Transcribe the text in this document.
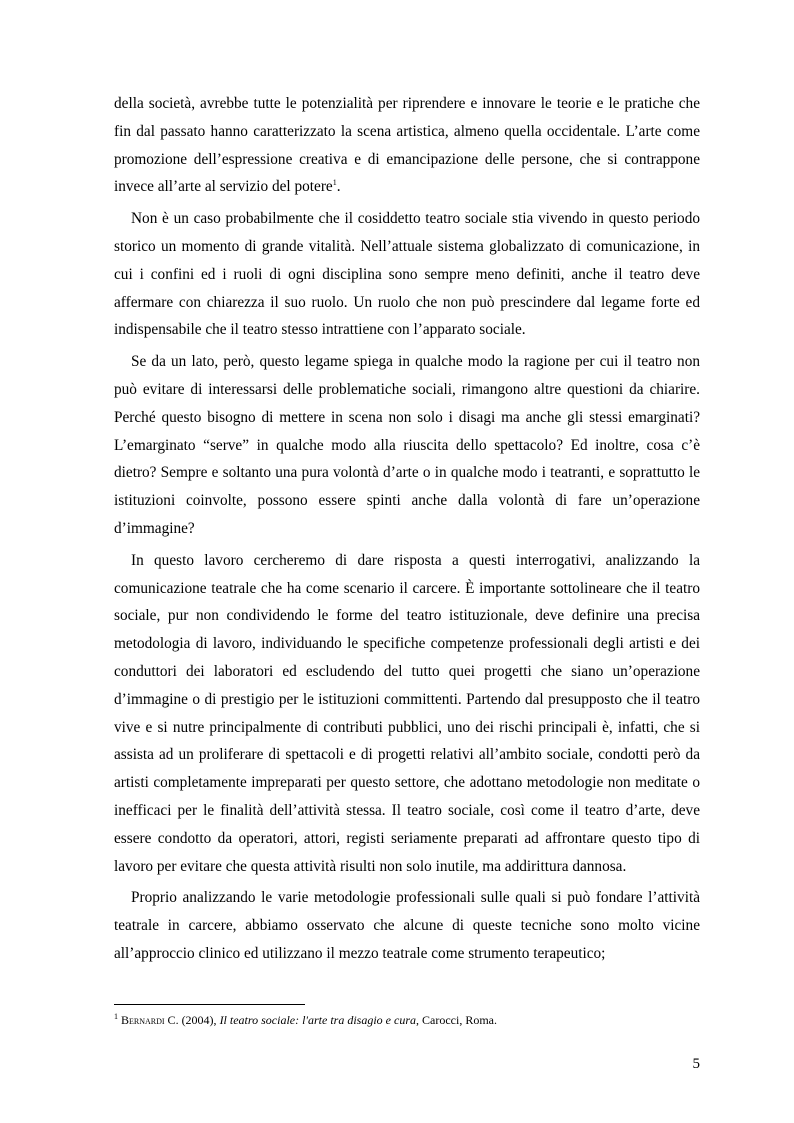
della società, avrebbe tutte le potenzialità per riprendere e innovare le teorie e le pratiche che fin dal passato hanno caratterizzato la scena artistica, almeno quella occidentale. L’arte come promozione dell’espressione creativa e di emancipazione delle persone, che si contrappone invece all’arte al servizio del potere$^1$.

Non è un caso probabilmente che il cosiddetto teatro sociale stia vivendo in questo periodo storico un momento di grande vitalità. Nell’attuale sistema globalizzato di comunicazione, in cui i confini ed i ruoli di ogni disciplina sono sempre meno definiti, anche il teatro deve affermare con chiarezza il suo ruolo. Un ruolo che non può prescindere dal legame forte ed indispensabile che il teatro stesso intrattiene con l’apparato sociale.

Se da un lato, però, questo legame spiega in qualche modo la ragione per cui il teatro non può evitare di interessarsi delle problematiche sociali, rimangono altre questioni da chiarire. Perché questo bisogno di mettere in scena non solo i disagi ma anche gli stessi emarginati? L’emarginato “serve” in qualche modo alla riuscita dello spettacolo? Ed inoltre, cosa c’è dietro? Sempre e soltanto una pura volontà d’arte o in qualche modo i teatranti, e soprattutto le istituzioni coinvolte, possono essere spinti anche dalla volontà di fare un’operazione d’immagine?

In questo lavoro cercheremo di dare risposta a questi interrogativi, analizzando la comunicazione teatrale che ha come scenario il carcere. È importante sottolineare che il teatro sociale, pur non condividendo le forme del teatro istituzionale, deve definire una precisa metodologia di lavoro, individuando le specifiche competenze professionali degli artisti e dei conduttori dei laboratori ed escludendo del tutto quei progetti che siano un’operazione d’immagine o di prestigio per le istituzioni committenti. Partendo dal presupposto che il teatro vive e si nutre principalmente di contributi pubblici, uno dei rischi principali è, infatti, che si assista ad un proliferare di spettacoli e di progetti relativi all’ambito sociale, condotti però da artisti completamente impreparati per questo settore, che adottano metodologie non meditate o inefficaci per le finalità dell’attività stessa. Il teatro sociale, così come il teatro d’arte, deve essere condotto da operatori, attori, registi seriamente preparati ad affrontare questo tipo di lavoro per evitare che questa attività risulti non solo inutile, ma addirittura dannosa.

Proprio analizzando le varie metodologie professionali sulle quali si può fondare l’attività teatrale in carcere, abbiamo osservato che alcune di queste tecniche sono molto vicine all’approccio clinico ed utilizzano il mezzo teatrale come strumento terapeutico;

$^1$ Bernardi C. (2004), Il teatro sociale: l'arte tra disagio e cura, Carocci, Roma.
5
